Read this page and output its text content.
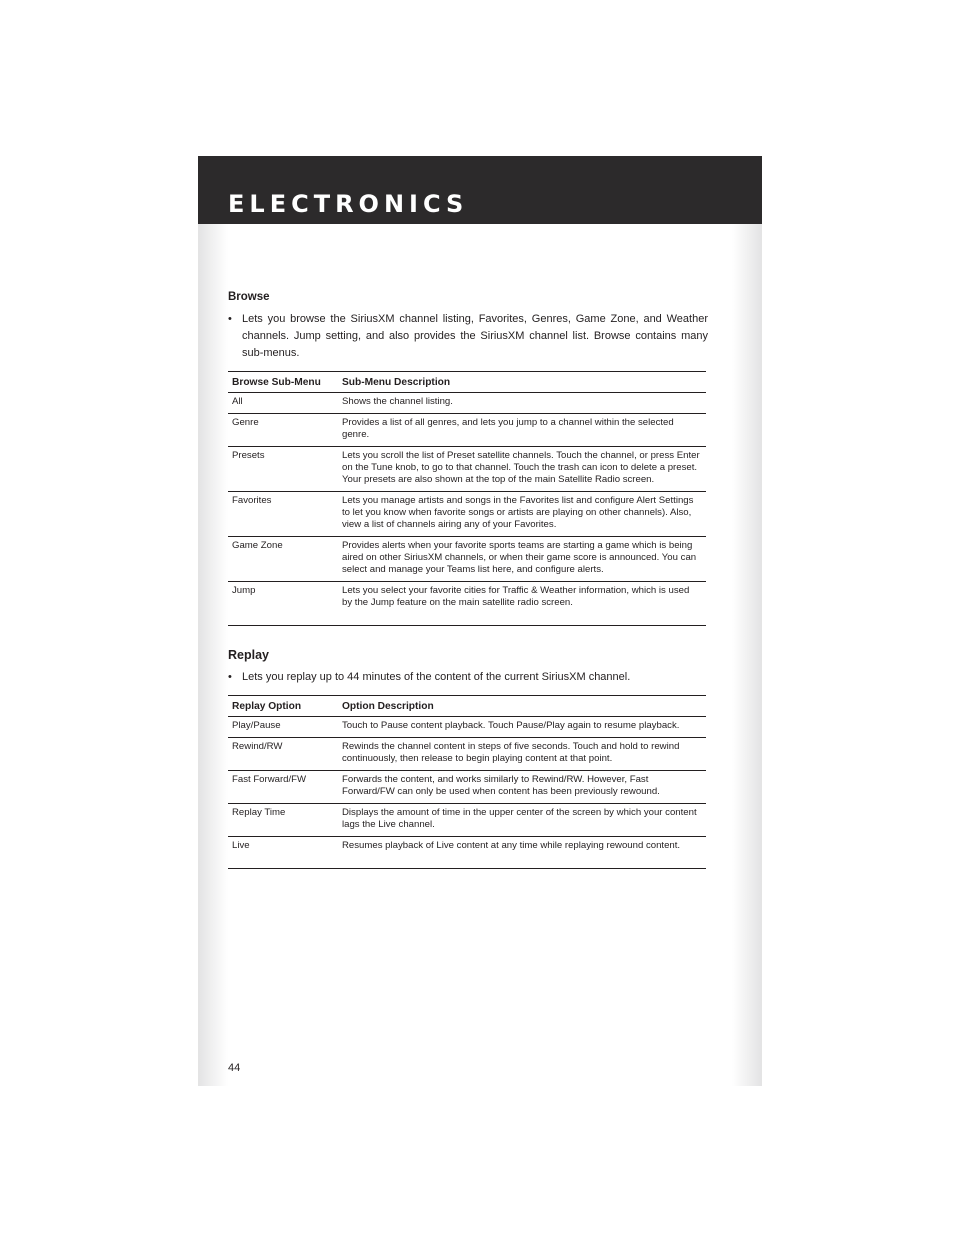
ELECTRONICS

Browse

• Lets you browse the SiriusXM channel listing, Favorites, Genres, Game Zone, and Weather channels. Jump setting, and also provides the SiriusXM channel list. Browse contains many sub-menus.

Browse Sub-Menu	Sub-Menu Description
All	Shows the channel listing.
Genre	Provides a list of all genres, and lets you jump to a channel within the selected genre.
Presets	Lets you scroll the list of Preset satellite channels. Touch the channel, or press Enter on the Tune knob, to go to that channel. Touch the trash can icon to delete a preset. Your presets are also shown at the top of the main Satellite Radio screen.
Favorites	Lets you manage artists and songs in the Favorites list and configure Alert Settings to let you know when favorite songs or artists are playing on other channels). Also, view a list of channels airing any of your Favorites.
Game Zone	Provides alerts when your favorite sports teams are starting a game which is being aired on other SiriusXM channels, or when their game score is announced. You can select and manage your Teams list here, and configure alerts.
Jump	Lets you select your favorite cities for Traffic & Weather information, which is used by the Jump feature on the main satellite radio screen.

Replay

• Lets you replay up to 44 minutes of the content of the current SiriusXM channel.

Replay Option	Option Description
Play/Pause	Touch to Pause content playback. Touch Pause/Play again to resume playback.
Rewind/RW	Rewinds the channel content in steps of five seconds. Touch and hold to rewind continuously, then release to begin playing content at that point.
Fast Forward/FW	Forwards the content, and works similarly to Rewind/RW. However, Fast Forward/FW can only be used when content has been previously rewound.
Replay Time	Displays the amount of time in the upper center of the screen by which your content lags the Live channel.
Live	Resumes playback of Live content at any time while replaying rewound content.
44
